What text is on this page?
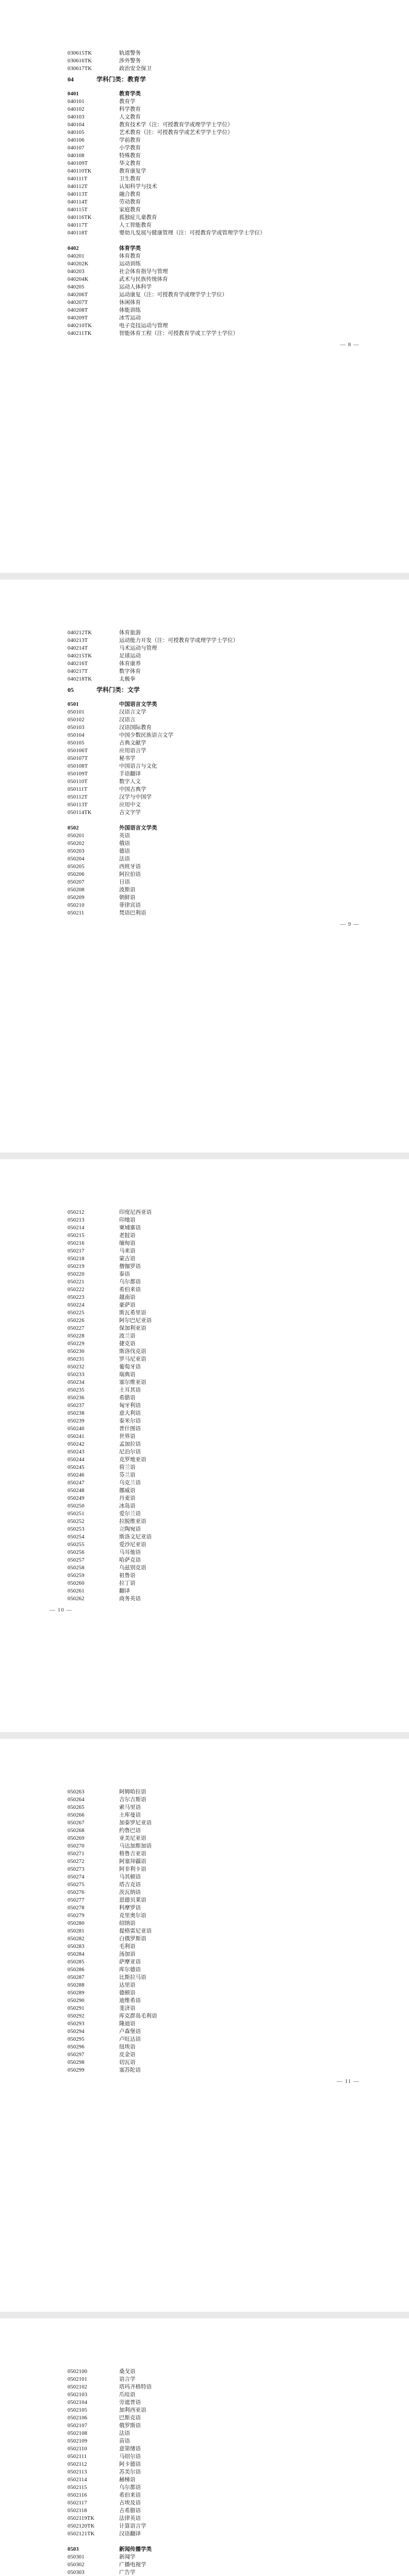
030615TK	轨道警务
030616TK	涉外警务
030617TK	政治安全保卫
04	学科门类：教育学
0401	教育学类
040101	教育学
040102	科学教育
040103	人文教育
040104	教育技术学（注：可授教育学或理学学士学位）
040105	艺术教育（注：可授教育学或艺术学学士学位）
040106	学前教育
040107	小学教育
040108	特殊教育
040109T	华文教育
040110TK	教育康复学
040111T	卫生教育
040112T	认知科学与技术
040113T	融合教育
040114T	劳动教育
040115T	家庭教育
040116TK	孤独症儿童教育
040117T	人工智能教育
040118T	婴幼儿发展与健康管理（注：可授教育学或管理学学士学位）
0402	体育学类
040201	体育教育
040202K	运动训练
040203	社会体育指导与管理
040204K	武术与民族传统体育
040205	运动人体科学
040206T	运动康复（注：可授教育学或理学学士学位）
040207T	休闲体育
040208T	体能训练
040209T	冰雪运动
040210TK	电子竞技运动与管理
040211TK	智能体育工程（注：可授教育学或工学学士学位）
— 8 —
040212TK	体育旅游
040213T	运动能力开发（注：可授教育学或理学学士学位）
040214T	马术运动与管理
040215TK	足球运动
040216T	体育康养
040217T	数字体育
040218TK	太极拳
05	学科门类：文学
0501	中国语言文学类
050101	汉语言文学
050102	汉语言
050103	汉语国际教育
050104	中国少数民族语言文学
050105	古典文献学
050106T	应用语言学
050107T	秘书学
050108T	中国语言与文化
050109T	手语翻译
050110T	数字人文
050111T	中国古典学
050112T	汉学与中国学
050113T	应用中文
050114TK	古文字学
0502	外国语言文学类
050201	英语
050202	俄语
050203	德语
050204	法语
050205	西班牙语
050206	阿拉伯语
050207	日语
050208	波斯语
050209	朝鲜语
050210	菲律宾语
050211	梵语巴利语
— 9 —
050212	印度尼西亚语
050213	印地语
050214	柬埔寨语
050215	老挝语
050216	缅甸语
050217	马来语
050218	蒙古语
050219	僧伽罗语
050220	泰语
050221	乌尔都语
050222	希伯来语
050223	越南语
050224	豪萨语
050225	斯瓦希里语
050226	阿尔巴尼亚语
050227	保加利亚语
050228	波兰语
050229	捷克语
050230	斯洛伐克语
050231	罗马尼亚语
050232	葡萄牙语
050233	瑞典语
050234	塞尔维亚语
050235	土耳其语
050236	希腊语
050237	匈牙利语
050238	意大利语
050239	泰米尔语
050240	普什图语
050241	世界语
050242	孟加拉语
050243	尼泊尔语
050244	克罗地亚语
050245	荷兰语
050246	芬兰语
050247	乌克兰语
050248	挪威语
050249	丹麦语
050250	冰岛语
050251	爱尔兰语
050252	拉脱维亚语
050253	立陶宛语
050254	斯洛文尼亚语
050255	爱沙尼亚语
050256	马耳他语
050257	哈萨克语
050258	乌兹别克语
050259	祖鲁语
050260	拉丁语
050261	翻译
050262	商务英语
— 10 —
050263	阿姆哈拉语
050264	吉尔吉斯语
050265	索马里语
050266	土库曼语
050267	加泰罗尼亚语
050268	约鲁巴语
050269	亚美尼亚语
050270	马达加斯加语
050271	格鲁吉亚语
050272	阿塞拜疆语
050273	阿非利卡语
050274	马其顿语
050275	塔吉克语
050276	茨瓦纳语
050277	恩德贝莱语
050278	科摩罗语
050279	克里奥尔语
050280	绍纳语
050281	提格雷尼亚语
050282	白俄罗斯语
050283	毛利语
050284	汤加语
050285	萨摩亚语
050286	库尔德语
050287	比斯拉马语
050288	达里语
050289	德顿语
050290	迪维希语
050291	斐济语
050292	库克群岛毛利语
050293	隆迪语
050294	卢森堡语
050295	卢旺达语
050296	纽埃语
050297	皮金语
050298	切瓦语
050299	塞苏陀语
— 11 —
0502100	桑戈语
0502101	语言学
0502102	塔玛齐格特语
0502103	爪哇语
0502104	旁遮普语
0502105	加利西亚语
0502106	巴斯克语
0502107	俄罗斯语
0502108	法语
0502109	苗语
0502110	意第绪语
0502111	马绍尔语
0502112	阿卡德语
0502113	苏美尔语
0502114	赫梯语
0502115	乌尔都语
0502116	希伯来语
0502117	古埃及语
0502118	古希腊语
0502119TK	法律英语
0502120TK	计算语言学
0502121TK	汉语翻译
0503	新闻传播学类
050301	新闻学
050302	广播电视学
050303	广告学
